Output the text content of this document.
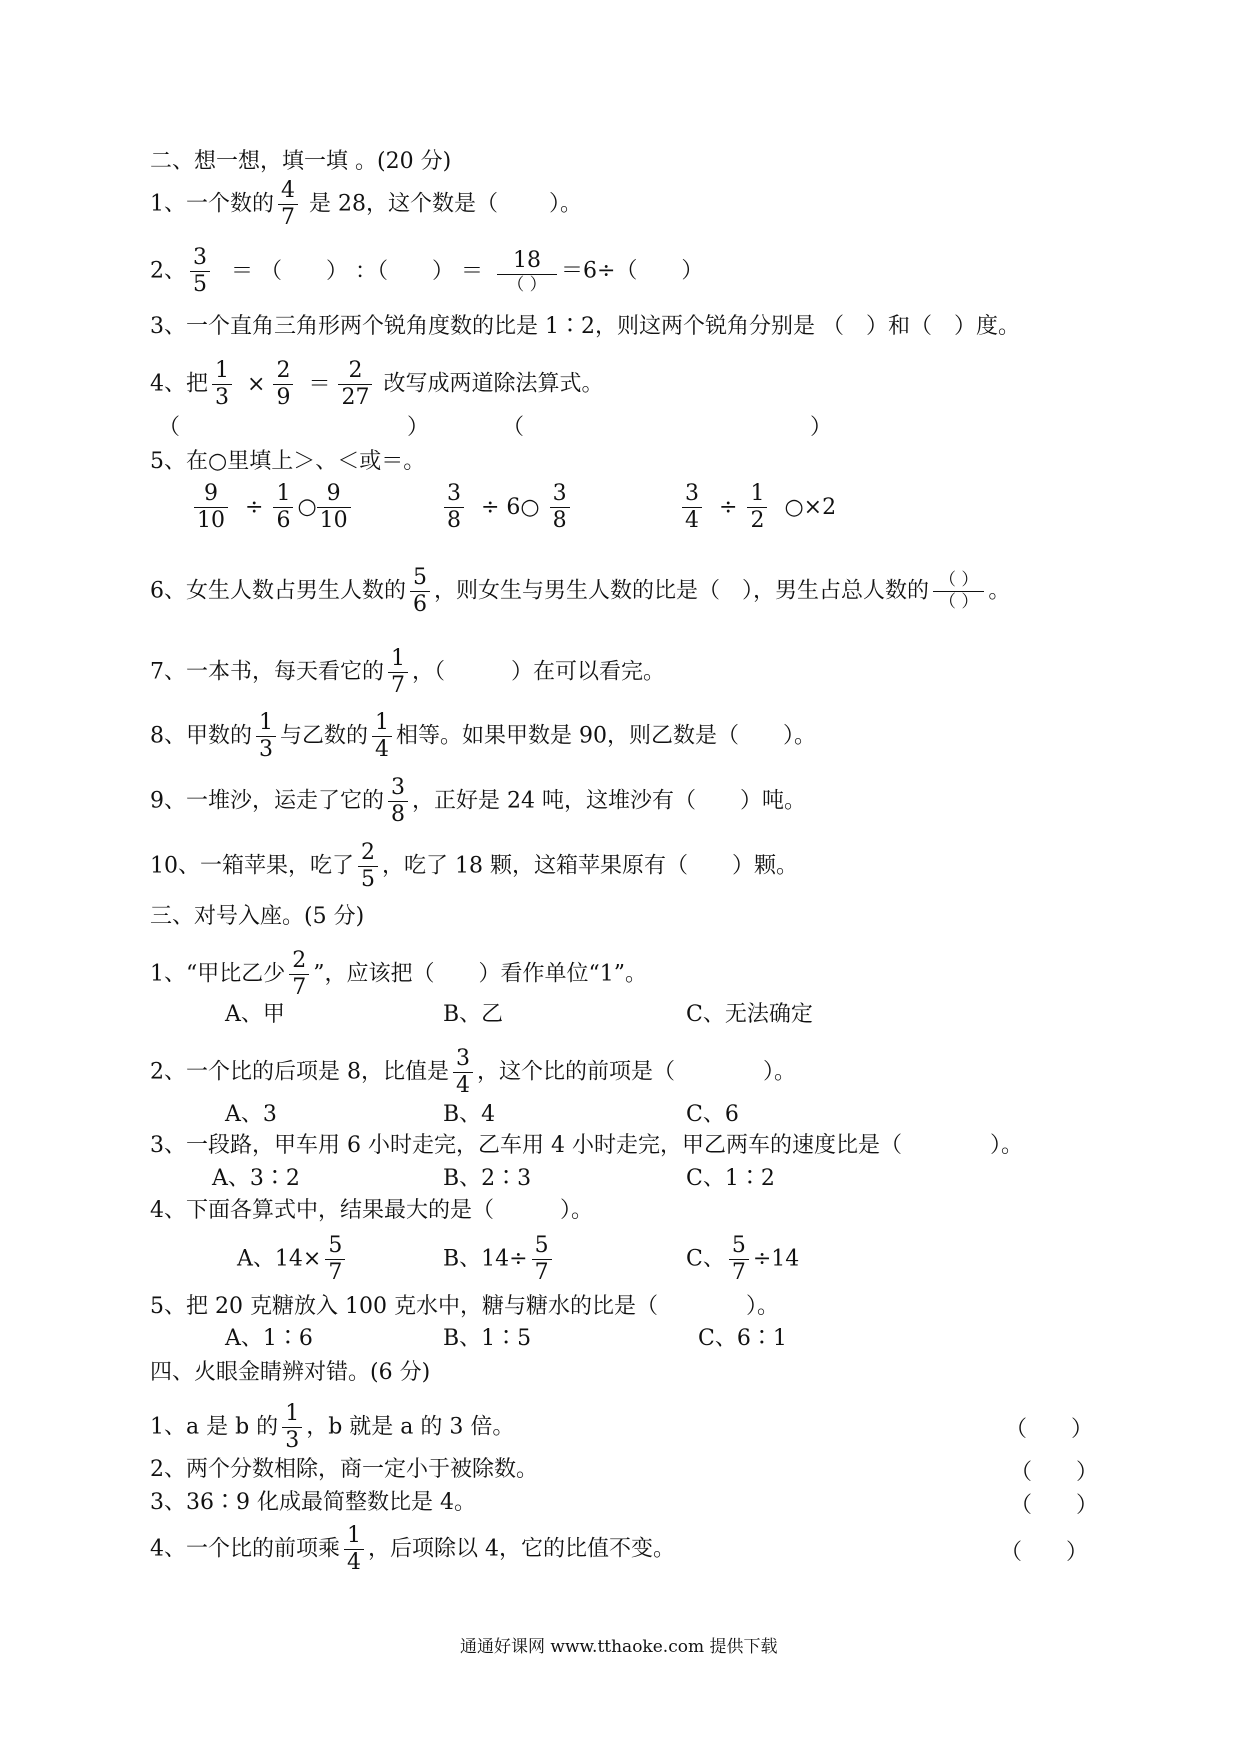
二、想一想，填一填 。(20 分)
1、一个数的 $\frac{4}{7}$ 是 28，这个数是（　　 ）。
2、 $\frac{3}{5}$ ＝ （　　） ：（　　） ＝ $\frac{18}{( )} =6\div$（　　）
3、一个直角三角形两个锐角度数的比是 1∶2，则这两个锐角分别是 （　）和（　）度。
4、把 $\frac{1}{3} \times \frac{2}{9} = \frac{2}{27}$ 改写成两道除法算式。
（　　　　　　　　　　 ）	（　　　　　　　　　　　　　）
5、在○里填上＞、＜或＝。
$\frac{9}{10} \div \frac{1}{6}$ ○ $\frac{9}{10}$	$\frac{3}{8}$ ÷ 6○ $\frac{3}{8}$	$\frac{3}{4} \div \frac{1}{2}$ ○×2
6、女生人数占男生人数的 $\frac{5}{6}$ ，则女生与男生人数的比是（　），男生占总人数的 $\frac{( )}{( )}$ 。
7、一本书，每天看它的 $\frac{1}{7}$ ，（　　　）在可以看完。
8、甲数的 $\frac{1}{3}$ 与乙数的 $\frac{1}{4}$ 相等。如果甲数是 90，则乙数是（　　）。
9、一堆沙，运走了它的 $\frac{3}{8}$ ，正好是 24 吨，这堆沙有（　　）吨。
10、一箱苹果，吃了 $\frac{2}{5}$ ，吃了 18 颗，这箱苹果原有（　　）颗。
三、对号入座。(5 分)
1、“甲比乙少 $\frac{2}{7}$ ”，应该把（　　）看作单位“1”。
A、甲	B、乙	C、无法确定
2、一个比的后项是 8，比值是 $\frac{3}{4}$ ，这个比的前项是（　　　　）。
A、3	B、4	C、6
3、一段路，甲车用 6 小时走完，乙车用 4 小时走完，甲乙两车的速度比是（　　　　）。
A、3∶2	B、2∶3	C、1∶2
4、下面各算式中，结果最大的是（　　　）。
A、$14\times \frac{5}{7}$	B、$14\div \frac{5}{7}$	C、 $\frac{5}{7} \div 14$
5、把 20 克糖放入 100 克水中，糖与糖水的比是（　　　　）。
A、1∶6	B、1∶5	C、6∶1
四、火眼金睛辨对错。(6 分)
1、a 是 b 的 $\frac{1}{3}$ ，b 就是 a 的 3 倍。	（　　）
2、两个分数相除，商一定小于被除数。	（　　）
3、36∶9 化成最简整数比是 4。	（　　）
4、一个比的前项乘 $\frac{1}{4}$ ，后项除以 4，它的比值不变。	（　　）
通通好课网 www.tthaoke.com 提供下载
